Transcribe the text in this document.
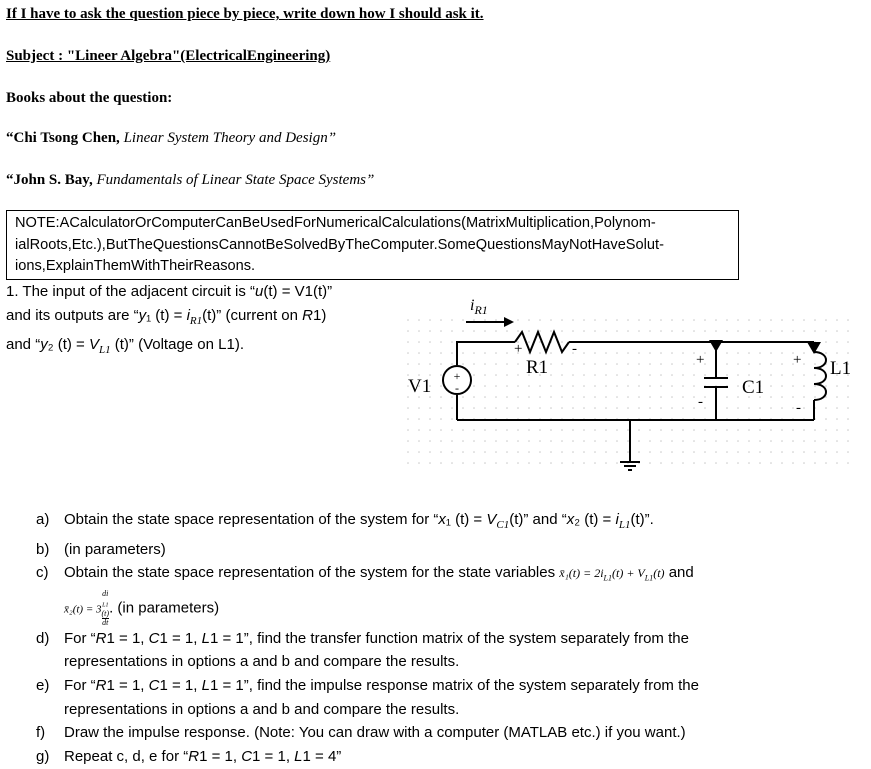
If I have to ask the question piece by piece, write down how I should ask it.
Subject : "Lineer Algebra"(ElectricalEngineering)
Books about the question:
“Chi Tsong Chen, Linear System Theory and Design”
“John S. Bay, Fundamentals of Linear State Space Systems”
NOTE:ACalculatorOrComputerCanBeUsedForNumericalCalculations(MatrixMultiplication,Polynom-
ialRoots,Etc.),ButTheQuestionsCannotBeSolvedByTheComputer.SomeQuestionsMayNotHaveSolut-
ions,ExplainThemWithTheirReasons.
1. The input of the adjacent circuit is “u(t) = V1(t)”
and its outputs are “y₁ $(t) = i_{R1}(t)$” (current on R1)
and “y₂ $(t) = V_{L1}$ (t)” (Voltage on L1).
+
-
$i_{R1}$
V1
R1
+	-
C1
+
-
L1
+
-
a) Obtain the state space representation of the system for “x₁ $(t) = V_{C1}(t)$” and “x₂ $(t) = i_{L1}(t)$”.
b) (in parameters)
c) Obtain the state space representation of the system for the state variables x̄₁(t) = $2i_{L1}(t) + V_{L1}(t)$ and
x̄₂(t) = 3 di
$_{L1}$
(t)
dt . (in parameters)
d) For “R1 = 1, C1 = 1, L1 = 1”, find the transfer function matrix of the system separately from the
representations in options a and b and compare the results.
e) For “R1 = 1, C1 = 1, L1 = 1”, find the impulse response matrix of the system separately from the
representations in options a and b and compare the results.
f) Draw the impulse response. (Note: You can draw with a computer (MATLAB etc.) if you want.)
g) Repeat c, d, e for “R1 = 1, C1 = 1, L1 = 4”
